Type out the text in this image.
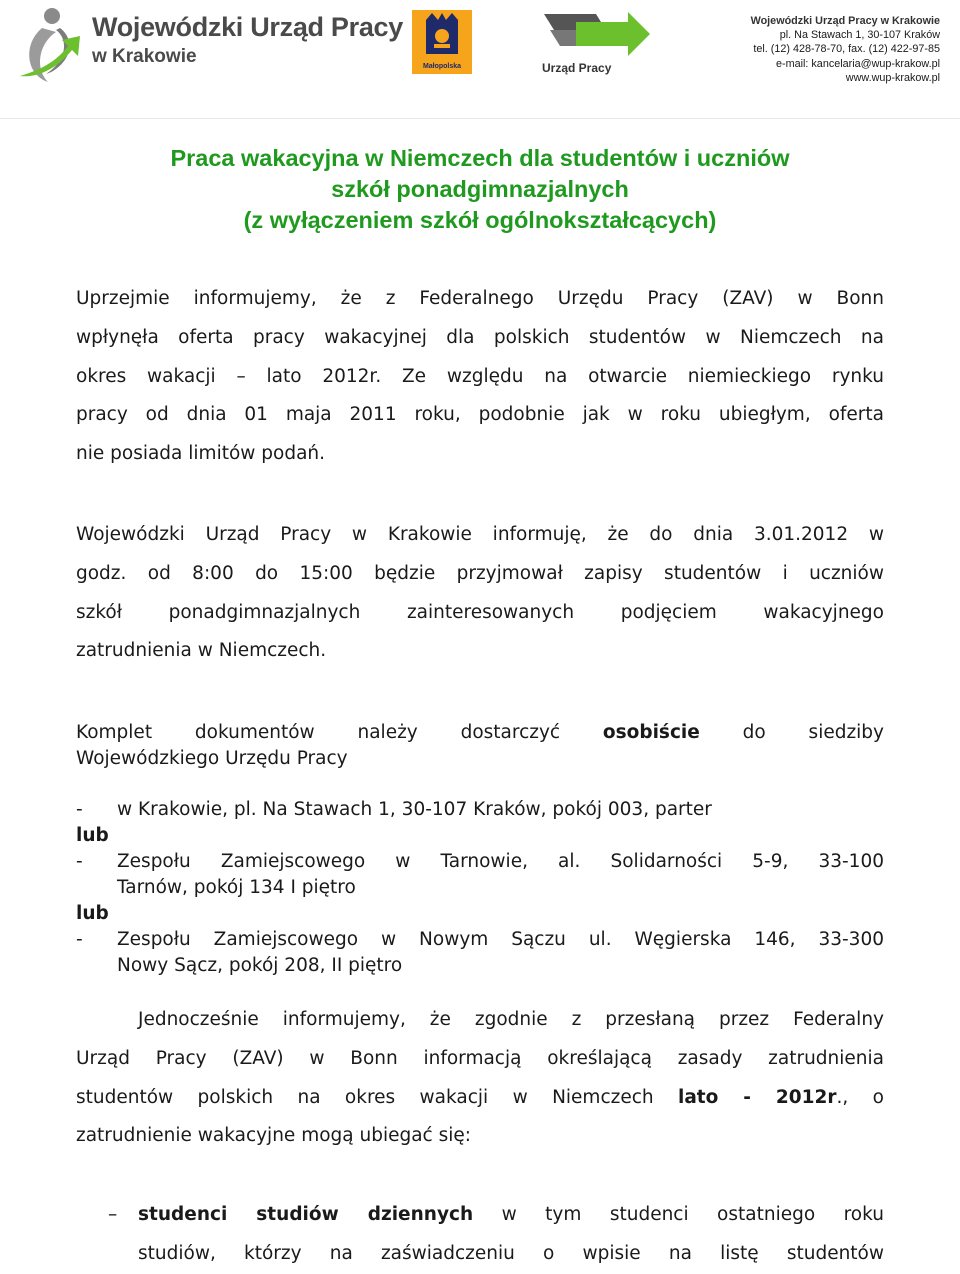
Wojewódzki Urząd Pracy
w Krakowie	Małopolska	Urząd Pracy
Wojewódzki Urząd Pracy w Krakowie
pl. Na Stawach 1, 30-107 Kraków
tel. (12) 428-78-70, fax. (12) 422-97-85
e-mail: kancelaria@wup-krakow.pl
www.wup-krakow.pl
Praca wakacyjna w Niemczech dla studentów i uczniów
szkół ponadgimnazjalnych
(z wyłączeniem szkół ogólnokształcących)
Uprzejmie informujemy, że z Federalnego Urzędu Pracy (ZAV) w Bonn
wpłynęła oferta pracy wakacyjnej dla polskich studentów w Niemczech na
okres wakacji – lato 2012r. Ze względu na otwarcie niemieckiego rynku
pracy od dnia 01 maja 2011 roku, podobnie jak w roku ubiegłym, oferta
nie posiada limitów podań.
Wojewódzki Urząd Pracy w Krakowie informuję, że do dnia 3.01.2012 w
godz. od 8:00 do 15:00 będzie przyjmował zapisy studentów i uczniów
szkół ponadgimnazjalnych zainteresowanych podjęciem wakacyjnego
zatrudnienia w Niemczech.
Komplet dokumentów należy dostarczyć osobiście do siedziby
Wojewódzkiego Urzędu Pracy
- w Krakowie, pl. Na Stawach 1, 30-107 Kraków, pokój 003, parter
lub
- Zespołu Zamiejscowego w Tarnowie, al. Solidarności 5-9, 33-100
Tarnów, pokój 134 I piętro
lub
- Zespołu Zamiejscowego w Nowym Sączu ul. Węgierska 146, 33-300
Nowy Sącz, pokój 208, II piętro
Jednocześnie informujemy, że zgodnie z przesłaną przez Federalny
Urząd Pracy (ZAV) w Bonn informacją określającą zasady zatrudnienia
studentów polskich na okres wakacji w Niemczech lato - 2012r., o
zatrudnienie wakacyjne mogą ubiegać się:
– studenci studiów dziennych w tym studenci ostatniego roku
studiów, którzy na zaświadczeniu o wpisie na listę studentów
